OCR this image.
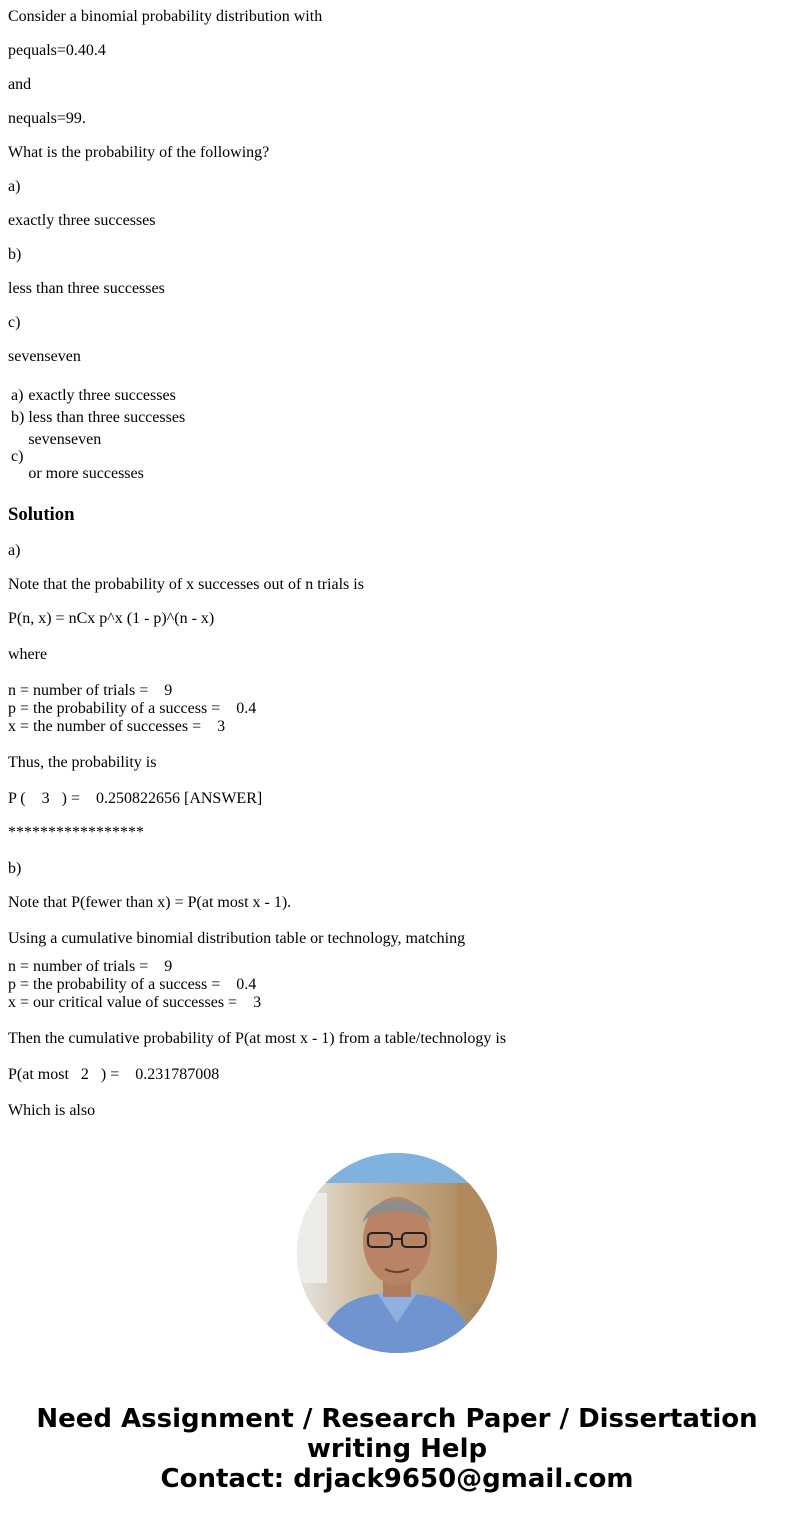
Consider a binomial probability distribution with

pequals=0.40.4

and

nequals=99.

What is the probability of the following?

a)

exactly three successes

b)

less than three successes

c)

sevenseven

a)	exactly three successes
b)	less than three successes
c)	sevenseven
or more successes
Solution

a)

Note that the probability of x successes out of n trials is

P(n, x) = nCx p^x (1 - p)^(n - x)

where

n = number of trials =    9
p = the probability of a success =    0.4
x = the number of successes =    3

Thus, the probability is

P (    3   ) =    0.250822656 [ANSWER]

*****************

b)

Note that P(fewer than x) = P(at most x - 1).

Using a cumulative binomial distribution table or technology, matching

n = number of trials =    9
p = the probability of a success =    0.4
x = our critical value of successes =    3

Then the cumulative probability of P(at most x - 1) from a table/technology is

P(at most   2   ) =    0.231787008

Which is also

Need Assignment / Research Paper / Dissertation
writing Help
Contact: drjack9650@gmail.com
